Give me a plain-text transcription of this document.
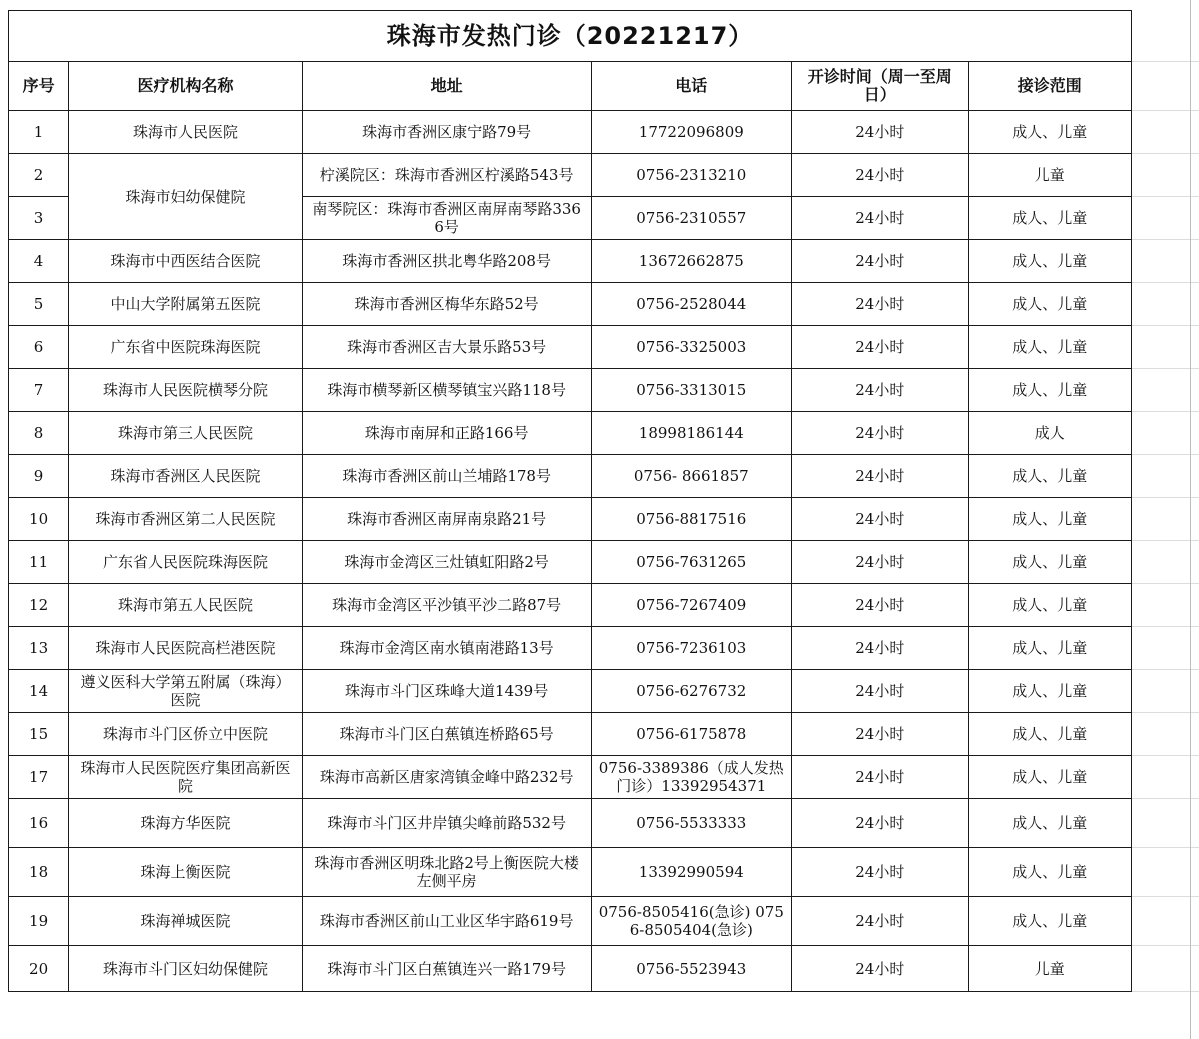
珠海市发热门诊（20221217）					
序号	医疗机构名称	地址	电话	开诊时间（周一至周日）	接诊范围
1	珠海市人民医院	珠海市香洲区康宁路79号	17722096809	24小时	成人、儿童
2	珠海市妇幼保健院	柠溪院区：珠海市香洲区柠溪路543号	0756-2313210	24小时	儿童
3		南琴院区：珠海市香洲区南屏南琴路3366号	0756-2310557	24小时	成人、儿童
4	珠海市中西医结合医院	珠海市香洲区拱北粤华路208号	13672662875	24小时	成人、儿童
5	中山大学附属第五医院	珠海市香洲区梅华东路52号	0756-2528044	24小时	成人、儿童
6	广东省中医院珠海医院	珠海市香洲区吉大景乐路53号	0756-3325003	24小时	成人、儿童
7	珠海市人民医院横琴分院	珠海市横琴新区横琴镇宝兴路118号	0756-3313015	24小时	成人、儿童
8	珠海市第三人民医院	珠海市南屏和正路166号	18998186144	24小时	成人
9	珠海市香洲区人民医院	珠海市香洲区前山兰埔路178号	0756- 8661857	24小时	成人、儿童
10	珠海市香洲区第二人民医院	珠海市香洲区南屏南泉路21号	0756-8817516	24小时	成人、儿童
11	广东省人民医院珠海医院	珠海市金湾区三灶镇虹阳路2号	0756-7631265	24小时	成人、儿童
12	珠海市第五人民医院	珠海市金湾区平沙镇平沙二路87号	0756-7267409	24小时	成人、儿童
13	珠海市人民医院高栏港医院	珠海市金湾区南水镇南港路13号	0756-7236103	24小时	成人、儿童
14	遵义医科大学第五附属（珠海）医院	珠海市斗门区珠峰大道1439号	0756-6276732	24小时	成人、儿童
15	珠海市斗门区侨立中医院	珠海市斗门区白蕉镇连桥路65号	0756-6175878	24小时	成人、儿童
17	珠海市人民医院医疗集团高新医院	珠海市高新区唐家湾镇金峰中路232号	0756-3389386（成人发热门诊）13392954371	24小时	成人、儿童
16	珠海方华医院	珠海市斗门区井岸镇尖峰前路532号	0756-5533333	24小时	成人、儿童
18	珠海上衡医院	珠海市香洲区明珠北路2号上衡医院大楼左侧平房	13392990594	24小时	成人、儿童
19	珠海禅城医院	珠海市香洲区前山工业区华宇路619号	0756-8505416(急诊) 0756-8505404(急诊)	24小时	成人、儿童
20	珠海市斗门区妇幼保健院	珠海市斗门区白蕉镇连兴一路179号	0756-5523943	24小时	儿童
